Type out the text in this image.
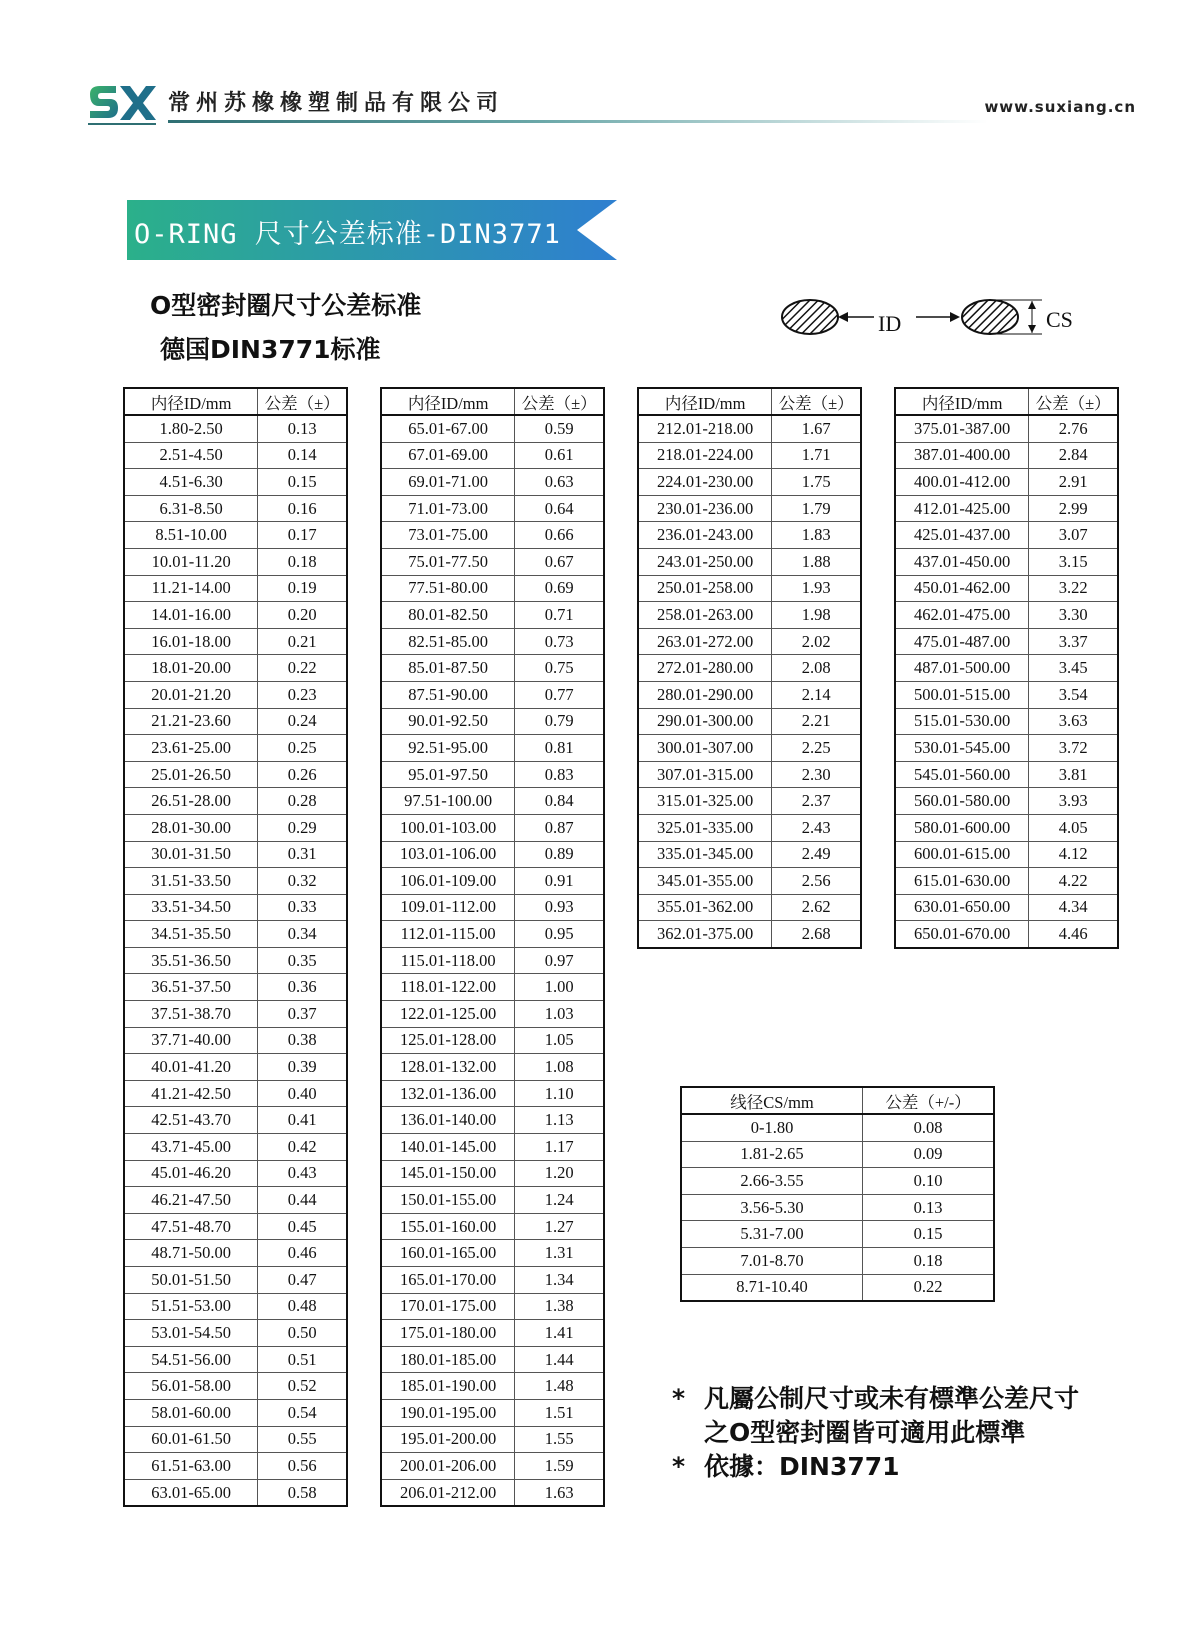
常州苏橡橡塑制品有限公司	www.suxiang.cn
O-RING 尺寸公差标准-DIN3771
O型密封圈尺寸公差标准
德国DIN3771标准
ID	CS
内径ID/mm	公差（±）
1.80-2.50	0.13
2.51-4.50	0.14
4.51-6.30	0.15
6.31-8.50	0.16
8.51-10.00	0.17
10.01-11.20	0.18
11.21-14.00	0.19
14.01-16.00	0.20
16.01-18.00	0.21
18.01-20.00	0.22
20.01-21.20	0.23
21.21-23.60	0.24
23.61-25.00	0.25
25.01-26.50	0.26
26.51-28.00	0.28
28.01-30.00	0.29
30.01-31.50	0.31
31.51-33.50	0.32
33.51-34.50	0.33
34.51-35.50	0.34
35.51-36.50	0.35
36.51-37.50	0.36
37.51-38.70	0.37
37.71-40.00	0.38
40.01-41.20	0.39
41.21-42.50	0.40
42.51-43.70	0.41
43.71-45.00	0.42
45.01-46.20	0.43
46.21-47.50	0.44
47.51-48.70	0.45
48.71-50.00	0.46
50.01-51.50	0.47
51.51-53.00	0.48
53.01-54.50	0.50
54.51-56.00	0.51
56.01-58.00	0.52
58.01-60.00	0.54
60.01-61.50	0.55
61.51-63.00	0.56
63.01-65.00	0.58
内径ID/mm	公差（±）
65.01-67.00	0.59
67.01-69.00	0.61
69.01-71.00	0.63
71.01-73.00	0.64
73.01-75.00	0.66
75.01-77.50	0.67
77.51-80.00	0.69
80.01-82.50	0.71
82.51-85.00	0.73
85.01-87.50	0.75
87.51-90.00	0.77
90.01-92.50	0.79
92.51-95.00	0.81
95.01-97.50	0.83
97.51-100.00	0.84
100.01-103.00	0.87
103.01-106.00	0.89
106.01-109.00	0.91
109.01-112.00	0.93
112.01-115.00	0.95
115.01-118.00	0.97
118.01-122.00	1.00
122.01-125.00	1.03
125.01-128.00	1.05
128.01-132.00	1.08
132.01-136.00	1.10
136.01-140.00	1.13
140.01-145.00	1.17
145.01-150.00	1.20
150.01-155.00	1.24
155.01-160.00	1.27
160.01-165.00	1.31
165.01-170.00	1.34
170.01-175.00	1.38
175.01-180.00	1.41
180.01-185.00	1.44
185.01-190.00	1.48
190.01-195.00	1.51
195.01-200.00	1.55
200.01-206.00	1.59
206.01-212.00	1.63
内径ID/mm	公差（±）
212.01-218.00	1.67
218.01-224.00	1.71
224.01-230.00	1.75
230.01-236.00	1.79
236.01-243.00	1.83
243.01-250.00	1.88
250.01-258.00	1.93
258.01-263.00	1.98
263.01-272.00	2.02
272.01-280.00	2.08
280.01-290.00	2.14
290.01-300.00	2.21
300.01-307.00	2.25
307.01-315.00	2.30
315.01-325.00	2.37
325.01-335.00	2.43
335.01-345.00	2.49
345.01-355.00	2.56
355.01-362.00	2.62
362.01-375.00	2.68
内径ID/mm	公差（±）
375.01-387.00	2.76
387.01-400.00	2.84
400.01-412.00	2.91
412.01-425.00	2.99
425.01-437.00	3.07
437.01-450.00	3.15
450.01-462.00	3.22
462.01-475.00	3.30
475.01-487.00	3.37
487.01-500.00	3.45
500.01-515.00	3.54
515.01-530.00	3.63
530.01-545.00	3.72
545.01-560.00	3.81
560.01-580.00	3.93
580.01-600.00	4.05
600.01-615.00	4.12
615.01-630.00	4.22
630.01-650.00	4.34
650.01-670.00	4.46
线径CS/mm	公差（+/-）
0-1.80	0.08
1.81-2.65	0.09
2.66-3.55	0.10
3.56-5.30	0.13
5.31-7.00	0.15
7.01-8.70	0.18
8.71-10.40	0.22
* 凡屬公制尺寸或未有標準公差尺寸
之O型密封圈皆可適用此標準
* 依據：DIN3771
